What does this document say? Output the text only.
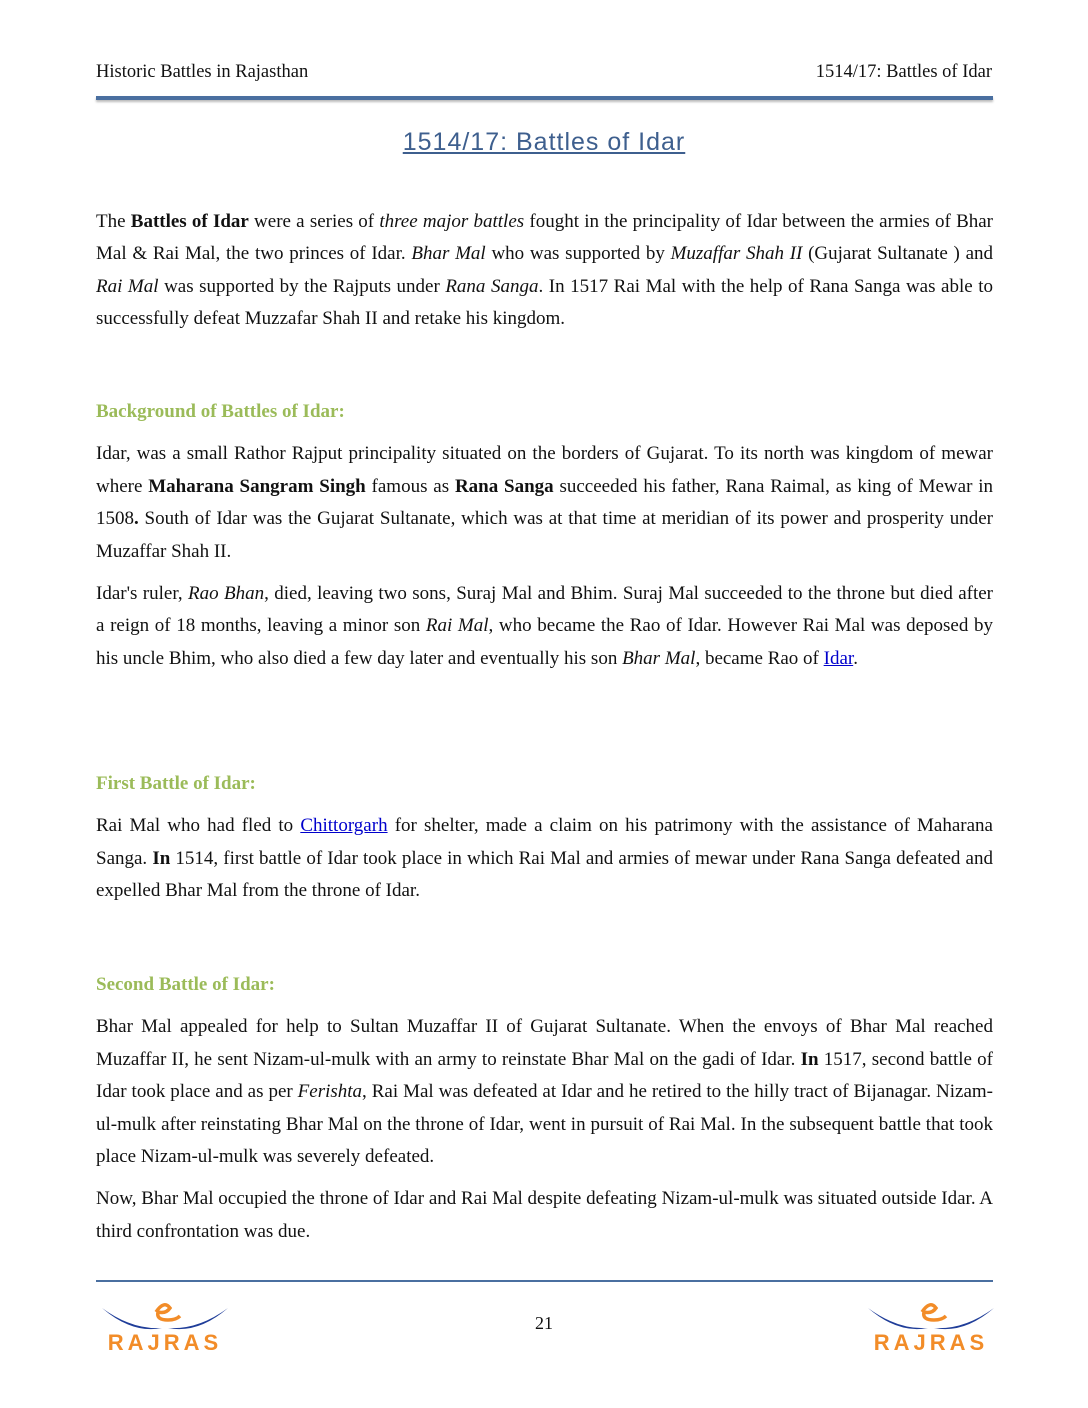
Historic Battles in Rajasthan	1514/17: Battles of Idar
1514/17: Battles of Idar

The Battles of Idar were a series of three major battles fought in the principality of Idar between the armies of Bhar Mal & Rai Mal, the two princes of Idar. Bhar Mal who was supported by Muzaffar Shah II (Gujarat Sultanate ) and Rai Mal was supported by the Rajputs under Rana Sanga. In 1517 Rai Mal with the help of Rana Sanga was able to successfully defeat Muzzafar Shah II and retake his kingdom.

Background of Battles of Idar:

Idar, was a small Rathor Rajput principality situated on the borders of Gujarat. To its north was kingdom of mewar where Maharana Sangram Singh famous as Rana Sanga succeeded his father, Rana Raimal, as king of Mewar in 1508. South of Idar was the Gujarat Sultanate, which was at that time at meridian of its power and prosperity under Muzaffar Shah II.

Idar's ruler, Rao Bhan, died, leaving two sons, Suraj Mal and Bhim. Suraj Mal succeeded to the throne but died after a reign of 18 months, leaving a minor son Rai Mal, who became the Rao of Idar. However Rai Mal was deposed by his uncle Bhim, who also died a few day later and eventually his son Bhar Mal, became Rao of Idar.

First Battle of Idar:

Rai Mal who had fled to Chittorgarh for shelter, made a claim on his patrimony with the assistance of Maharana Sanga. In 1514, first battle of Idar took place in which Rai Mal and armies of mewar under Rana Sanga defeated and expelled Bhar Mal from the throne of Idar.

Second Battle of Idar:

Bhar Mal appealed for help to Sultan Muzaffar II of Gujarat Sultanate. When the envoys of Bhar Mal reached Muzaffar II, he sent Nizam-ul-mulk with an army to reinstate Bhar Mal on the gadi of Idar. In 1517, second battle of Idar took place and as per Ferishta, Rai Mal was defeated at Idar and he retired to the hilly tract of Bijanagar. Nizam-ul-mulk after reinstating Bhar Mal on the throne of Idar, went in pursuit of Rai Mal. In the subsequent battle that took place Nizam-ul-mulk was severely defeated.

Now, Bhar Mal occupied the throne of Idar and Rai Mal despite defeating Nizam-ul-mulk was situated outside Idar. A third confrontation was due.

21
RAJRAS	RAJRAS
